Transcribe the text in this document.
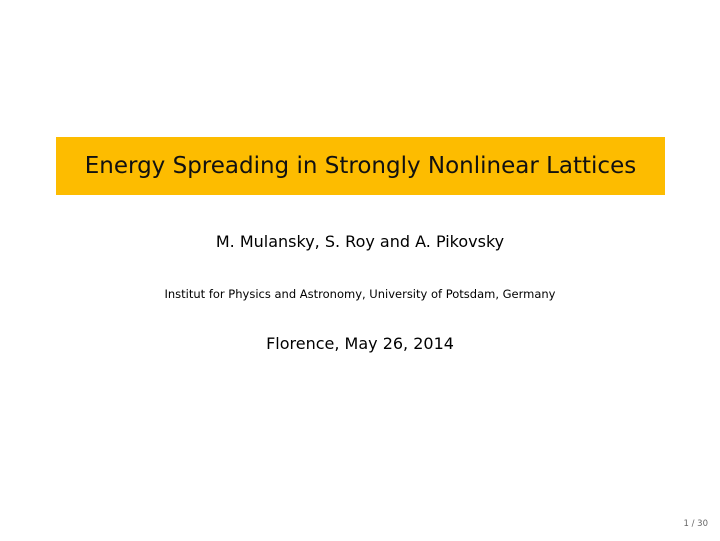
Energy Spreading in Strongly Nonlinear Lattices
M. Mulansky, S. Roy and A. Pikovsky
Institut for Physics and Astronomy, University of Potsdam, Germany
Florence, May 26, 2014
1 / 30
